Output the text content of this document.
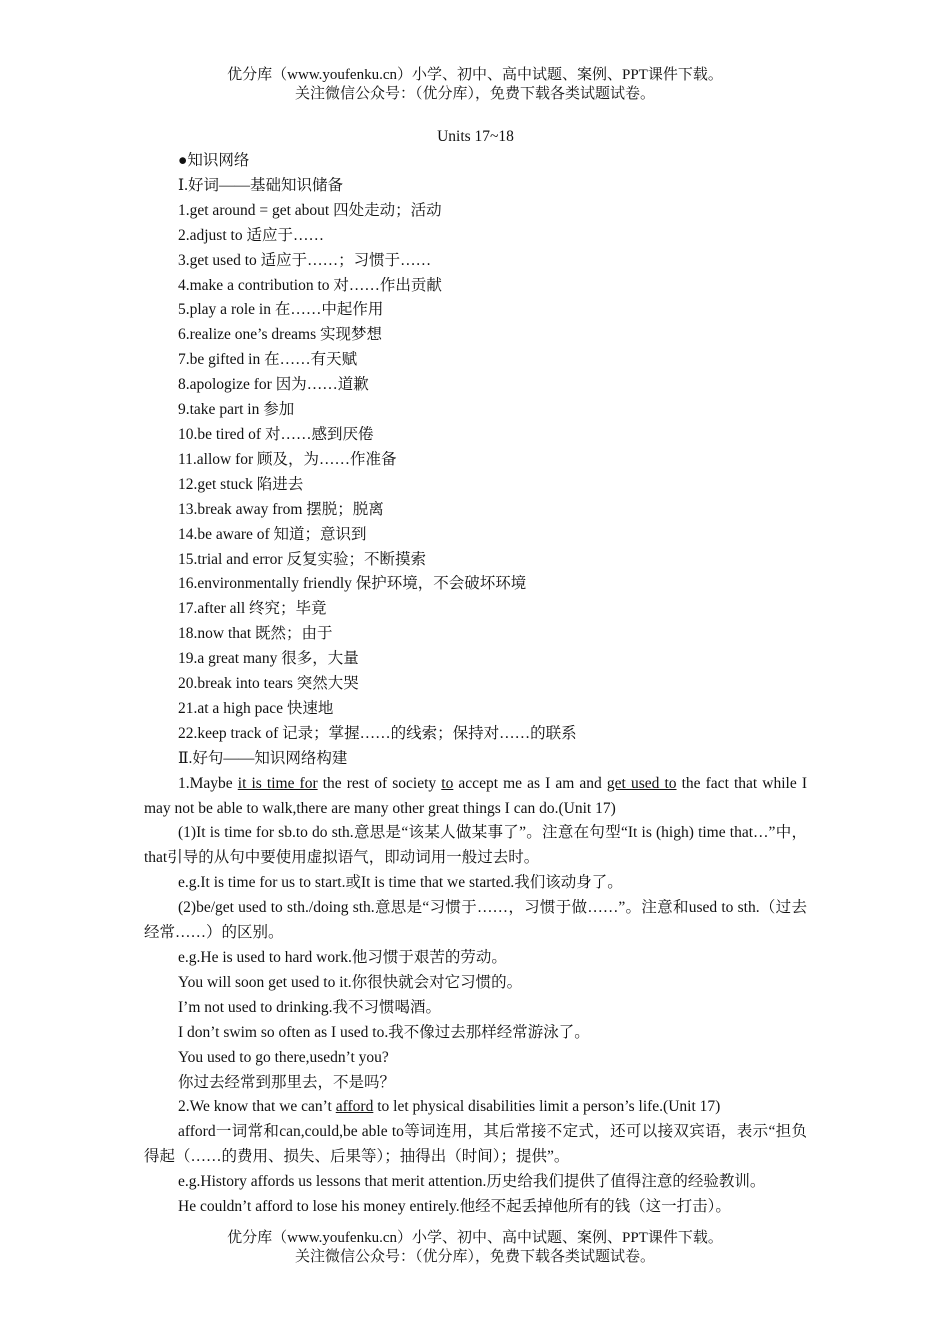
优分库（www.youfenku.cn）小学、初中、高中试题、案例、PPT课件下载。
关注微信公众号：（优分库），免费下载各类试题试卷。
Units 17~18
●知识网络
Ⅰ.好词——基础知识储备
1.get around = get about 四处走动；活动
2.adjust to 适应于……
3.get used to 适应于……；习惯于……
4.make a contribution to 对……作出贡献
5.play a role in 在……中起作用
6.realize one’s dreams 实现梦想
7.be gifted in 在……有天赋
8.apologize for 因为……道歉
9.take part in 参加
10.be tired of 对……感到厌倦
11.allow for 顾及，为……作准备
12.get stuck 陷进去
13.break away from 摆脱；脱离
14.be aware of 知道；意识到
15.trial and error 反复实验；不断摸索
16.environmentally friendly 保护环境，不会破坏环境
17.after all 终究；毕竟
18.now that 既然；由于
19.a great many 很多，大量
20.break into tears 突然大哭
21.at a high pace 快速地
22.keep track of 记录；掌握……的线索；保持对……的联系
Ⅱ.好句——知识网络构建
1.Maybe it is time for the rest of society to accept me as I am and get used to the fact that while I may not be able to walk,there are many other great things I can do.(Unit 17)
(1)It is time for sb.to do sth.意思是“该某人做某事了”。注意在句型“It is (high) time that…”中，that引导的从句中要使用虚拟语气，即动词用一般过去时。
e.g.It is time for us to start.或It is time that we started.我们该动身了。
(2)be/get used to sth./doing sth.意思是“习惯于……，习惯于做……”。注意和used to sth.（过去经常……）的区别。
e.g.He is used to hard work.他习惯于艰苦的劳动。
You will soon get used to it.你很快就会对它习惯的。
I’m not used to drinking.我不习惯喝酒。
I don’t swim so often as I used to.我不像过去那样经常游泳了。
You used to go there,usedn’t you?
你过去经常到那里去，不是吗？
2.We know that we can’t afford to let physical disabilities limit a person’s life.(Unit 17)
afford一词常和can,could,be able to等词连用，其后常接不定式，还可以接双宾语，表示“担负得起（……的费用、损失、后果等）；抽得出（时间）；提供”。
e.g.History affords us lessons that merit attention.历史给我们提供了值得注意的经验教训。
He couldn’t afford to lose his money entirely.他经不起丢掉他所有的钱（这一打击）。
优分库（www.youfenku.cn）小学、初中、高中试题、案例、PPT课件下载。
关注微信公众号：（优分库），免费下载各类试题试卷。
